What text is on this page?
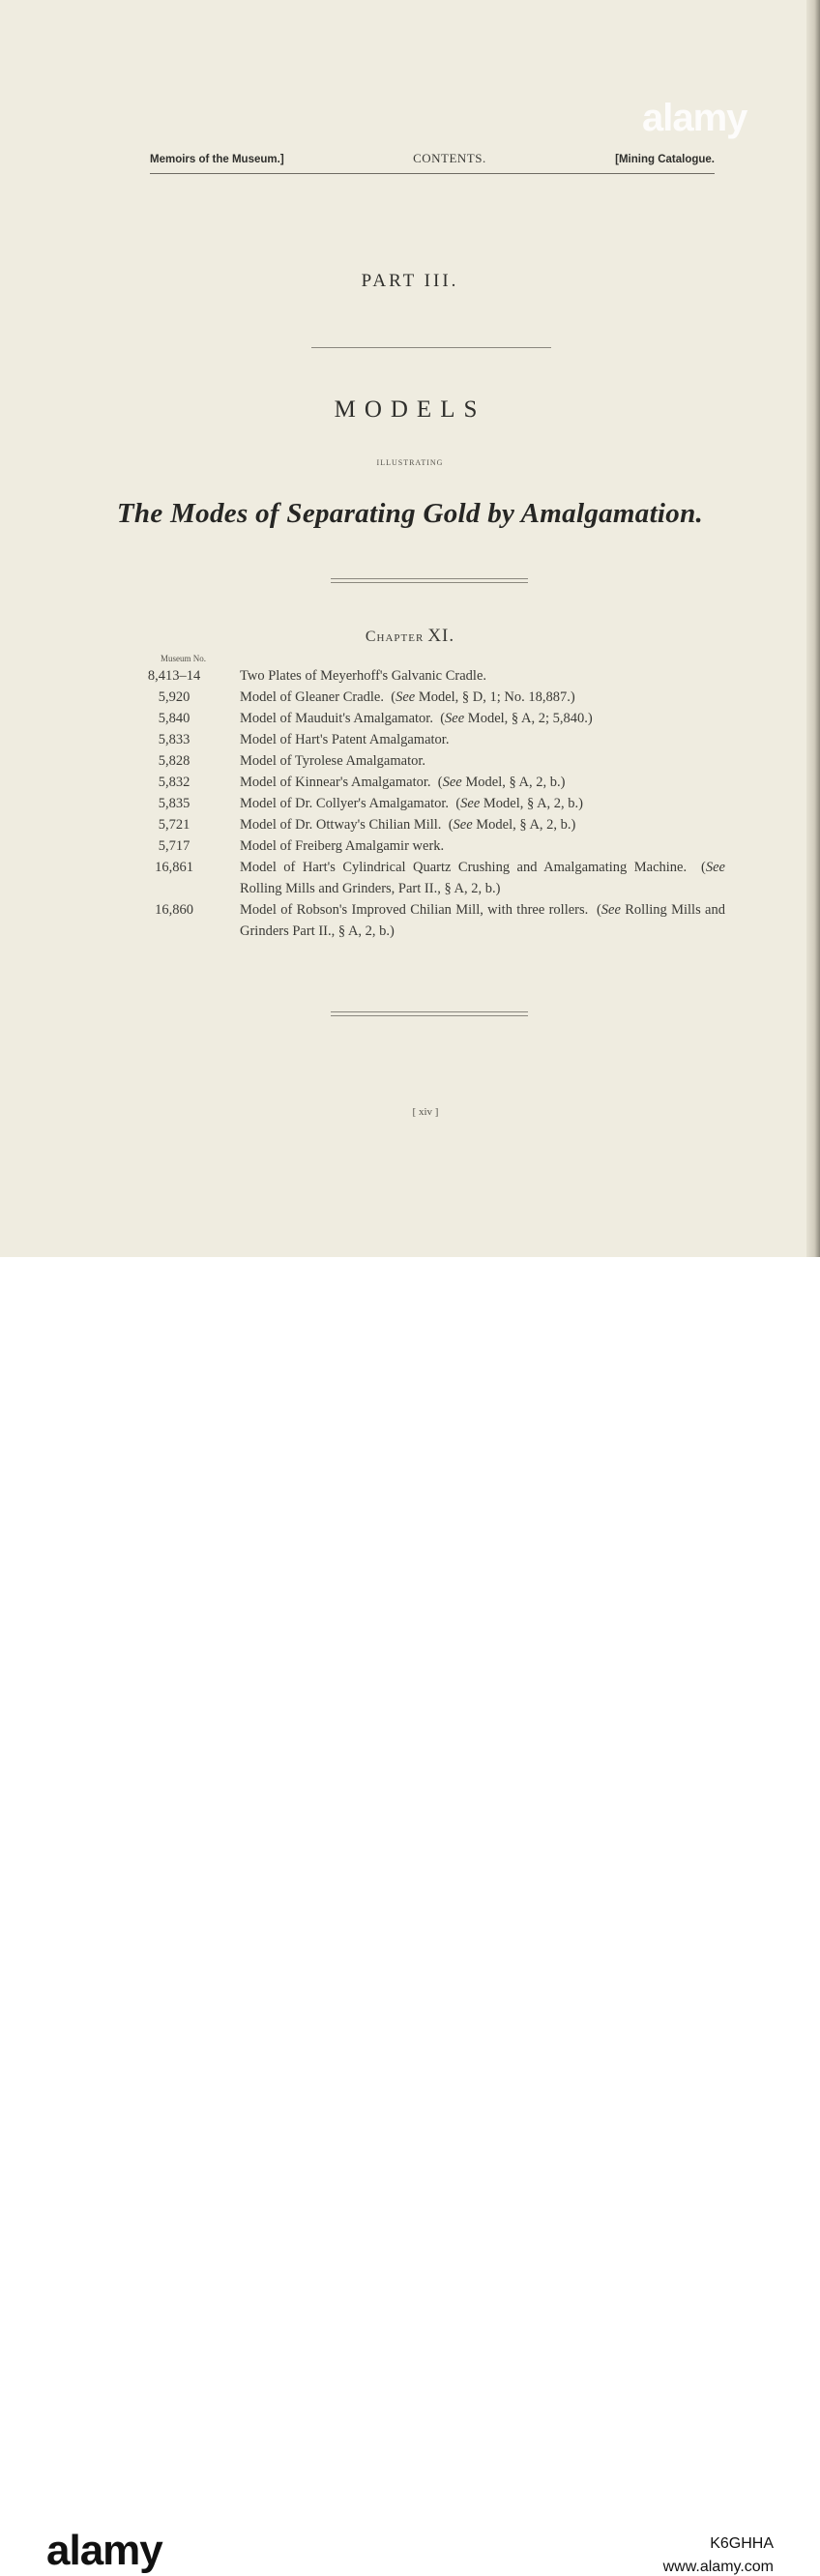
Memoirs of the Museum.]	CONTENTS.	[Mining Catalogue.
PART III.
MODELS
ILLUSTRATING
The Modes of Separating Gold by Amalgamation.
Chapter XI.
Museum No.
8,413–14	Two Plates of Meyerhoff's Galvanic Cradle.
5,920	Model of Gleaner Cradle.  (See Model, § D, 1; No. 18,887.)
5,840	Model of Mauduit's Amalgamator.  (See Model, § A, 2; 5,840.)
5,833	Model of Hart's Patent Amalgamator.
5,828	Model of Tyrolese Amalgamator.
5,832	Model of Kinnear's Amalgamator.  (See Model, § A, 2, b.)
5,835	Model of Dr. Collyer's Amalgamator.  (See Model, § A, 2, b.)
5,721	Model of Dr. Ottway's Chilian Mill.  (See Model, § A, 2, b.)
5,717	Model of Freiberg Amalgamir werk.
16,861	Model of Hart's Cylindrical Quartz Crushing and Amalgamating Machine.  (See Rolling Mills and Grinders, Part II., § A, 2, b.)
16,860	Model of Robson's Improved Chilian Mill, with three rollers.  (See Rolling Mills and Grinders Part II., § A, 2, b.)
[ xiv ]
alamy
alamy	K6GHHA
www.alamy.com
